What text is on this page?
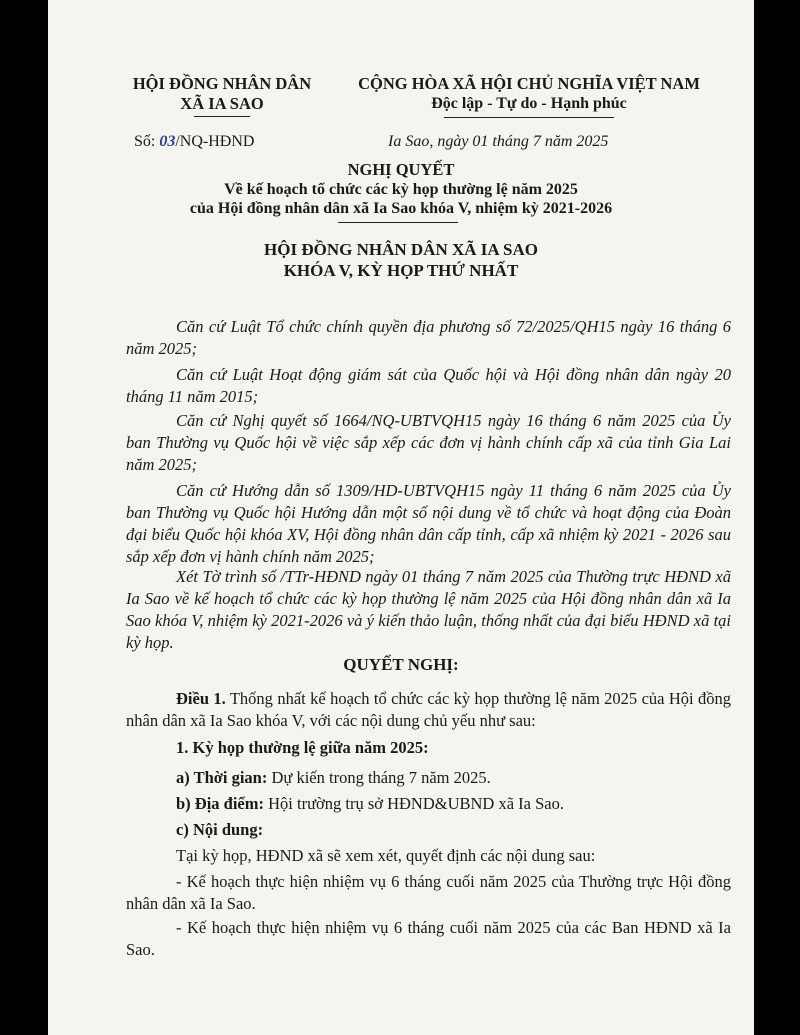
HỘI ĐỒNG NHÂN DÂN
XÃ IA SAO
CỘNG HÒA XÃ HỘI CHỦ NGHĨA VIỆT NAM
Độc lập - Tự do - Hạnh phúc
Số: 03/NQ-HĐND	Ia Sao, ngày 01 tháng 7 năm 2025
NGHỊ QUYẾT
Về kế hoạch tổ chức các kỳ họp thường lệ năm 2025
của Hội đồng nhân dân xã Ia Sao khóa V, nhiệm kỳ 2021-2026
HỘI ĐỒNG NHÂN DÂN XÃ IA SAO
KHÓA V, KỲ HỌP THỨ NHẤT
Căn cứ Luật Tổ chức chính quyền địa phương số 72/2025/QH15 ngày 16 tháng 6 năm 2025;
Căn cứ Luật Hoạt động giám sát của Quốc hội và Hội đồng nhân dân ngày 20 tháng 11 năm 2015;
Căn cứ Nghị quyết số 1664/NQ-UBTVQH15 ngày 16 tháng 6 năm 2025 của Ủy ban Thường vụ Quốc hội về việc sắp xếp các đơn vị hành chính cấp xã của tỉnh Gia Lai năm 2025;
Căn cứ Hướng dẫn số 1309/HD-UBTVQH15 ngày 11 tháng 6 năm 2025 của Ủy ban Thường vụ Quốc hội Hướng dẫn một số nội dung về tổ chức và hoạt động của Đoàn đại biểu Quốc hội khóa XV, Hội đồng nhân dân cấp tỉnh, cấp xã nhiệm kỳ 2021 - 2026 sau sắp xếp đơn vị hành chính năm 2025;
Xét Tờ trình số /TTr-HĐND ngày 01 tháng 7 năm 2025 của Thường trực HĐND xã Ia Sao về kế hoạch tổ chức các kỳ họp thường lệ năm 2025 của Hội đồng nhân dân xã Ia Sao khóa V, nhiệm kỳ 2021-2026 và ý kiến thảo luận, thống nhất của đại biểu HĐND xã tại kỳ họp.
QUYẾT NGHỊ:
Điều 1. Thống nhất kế hoạch tổ chức các kỳ họp thường lệ năm 2025 của Hội đồng nhân dân xã Ia Sao khóa V, với các nội dung chủ yếu như sau:
1. Kỳ họp thường lệ giữa năm 2025:
a) Thời gian: Dự kiến trong tháng 7 năm 2025.
b) Địa điểm: Hội trường trụ sở HĐND&UBND xã Ia Sao.
c) Nội dung:
Tại kỳ họp, HĐND xã sẽ xem xét, quyết định các nội dung sau:
- Kế hoạch thực hiện nhiệm vụ 6 tháng cuối năm 2025 của Thường trực Hội đồng nhân dân xã Ia Sao.
- Kế hoạch thực hiện nhiệm vụ 6 tháng cuối năm 2025 của các Ban HĐND xã Ia Sao.
